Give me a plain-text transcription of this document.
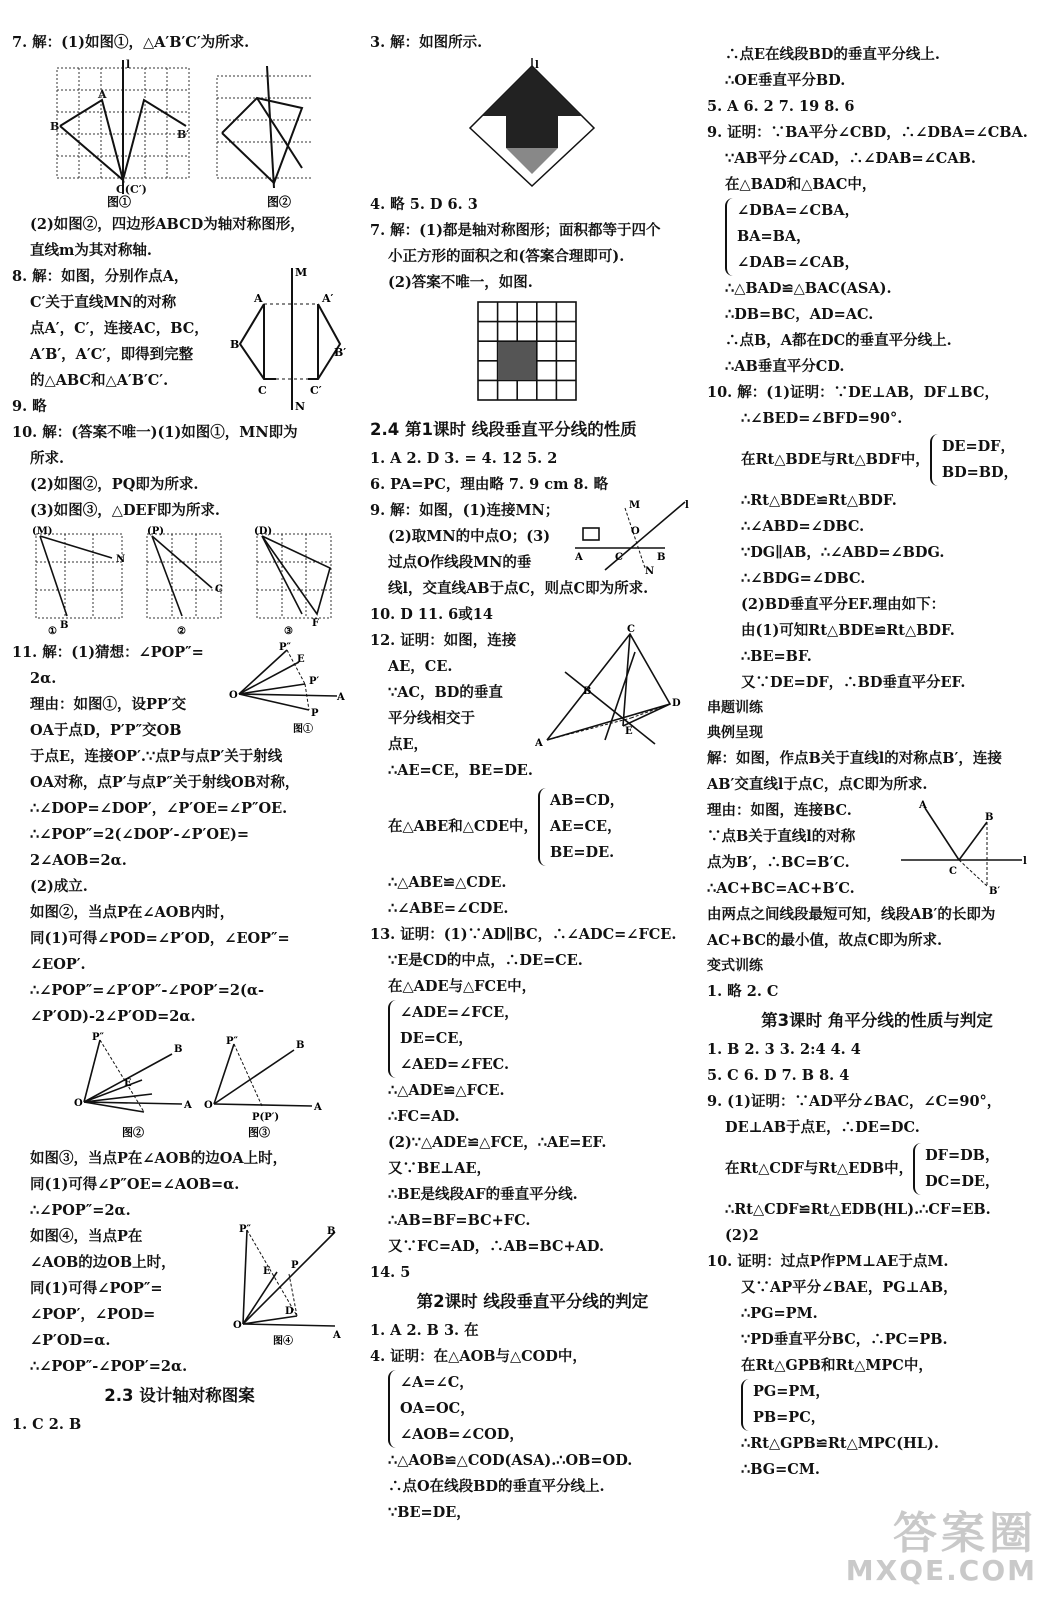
7. 解：(1)如图①，△A′B′C′为所求.
B
A
B′
C(C′)
l
图①	图②
(2)如图②，四边形ABCD为轴对称图形，
直线m为其对称轴.
8. 解：如图，分别作点A，
C′关于直线MN的对称
点A′，C′，连接AC，BC，
A′B′，A′C′，即得到完整
的△ABC和△A′B′C′.
M
N
A	A′
B
B′
C	C′
9. 略
10. 解：(答案不唯一)(1)如图①，MN即为
所求.
(2)如图②，PQ即为所求.
(3)如图③，△DEF即为所求.
(M)
N
B
(P)
C
(D)
F
①	②	③
11. 解：(1)猜想：∠POP″=
2α.
理由：如图①，设PP′交
OA于点D，P′P″交OB
O
P″
E
P′
A
P
图①
于点E，连接OP′.∵点P与点P′关于射线
OA对称，点P′与点P″关于射线OB对称，
∴∠DOP=∠DOP′，∠P′OE=∠P″OE.
∴∠POP″=2(∠DOP′-∠P′OE)=
2∠AOB=2α.
(2)成立.
如图②，当点P在∠AOB内时，
同(1)可得∠POD=∠P′OD，∠EOP″=
∠EOP′.
∴∠POP″=∠P′OP″-∠POP′=2(α-
∠P′OD)-2∠P′OD=2α.
O
P″
B
A
E
O
P″	B
A
P(P′)
图②	图③
如图③，当点P在∠AOB的边OA上时，
同(1)可得∠P″OE=∠AOB=α.
∴∠POP″=2α.
如图④，当点P在
∠AOB的边OB上时，
同(1)可得∠POP″=
∠POP′，∠POD=
∠P′OD=α.
P″
E
P
D
B
O
A
图④
∴∠POP″-∠POP′=2α.
2.3 设计轴对称图案
1. C 2. B
3. 解：如图所示.
l
4. 略 5. D 6. 3
7. 解：(1)都是轴对称图形；面积都等于四个
小正方形的面积之和(答案合理即可).
(2)答案不唯一，如图.
2.4 第1课时 线段垂直平分线的性质
1. A 2. D 3. = 4. 12 5. 2
6. PA=PC，理由略 7. 9 cm 8. 略
9. 解：如图，(1)连接MN；
(2)取MN的中点O；(3)
过点O作线段MN的垂
M
O
N
A	C	B
l
线l，交直线AB于点C，则点C即为所求.
10. D 11. 6或14
12. 证明：如图，连接
AE，CE.
∵AC，BD的垂直
平分线相交于
点E，
C
A
D
E
B
∴AE=CE，BE=DE.
在△ABE和△CDE中，
AB=CD，
AE=CE，
BE=DE.
∴△ABE≌△CDE.
∴∠ABE=∠CDE.
13. 证明：(1)∵AD∥BC，∴∠ADC=∠FCE.
∵E是CD的中点，∴DE=CE.
在△ADE与△FCE中，
∠ADE=∠FCE，
DE=CE，
∠AED=∠FEC.
∴△ADE≌△FCE.
∴FC=AD.
(2)∵△ADE≌△FCE，∴AE=EF.
又∵BE⊥AE，
∴BE是线段AF的垂直平分线.
∴AB=BF=BC+FC.
又∵FC=AD，∴AB=BC+AD.
14. 5
第2课时 线段垂直平分线的判定
1. A 2. B 3. 在
4. 证明：在△AOB与△COD中，
∠A=∠C，
OA=OC，
∠AOB=∠COD，
∴△AOB≌△COD(ASA).∴OB=OD.
∴点O在线段BD的垂直平分线上.
∵BE=DE，
∴点E在线段BD的垂直平分线上.
∴OE垂直平分BD.
5. A 6. 2 7. 19 8. 6
9. 证明：∵BA平分∠CBD，∴∠DBA=∠CBA.
∵AB平分∠CAD，∴∠DAB=∠CAB.
在△BAD和△BAC中，
∠DBA=∠CBA，
BA=BA，
∠DAB=∠CAB，
∴△BAD≌△BAC(ASA).
∴DB=BC，AD=AC.
∴点B，A都在DC的垂直平分线上.
∴AB垂直平分CD.
10. 解：(1)证明：∵DE⊥AB，DF⊥BC，
∴∠BED=∠BFD=90°.
在Rt△BDE与Rt△BDF中，
DE=DF，
BD=BD，
∴Rt△BDE≌Rt△BDF.
∴∠ABD=∠DBC.
∵DG∥AB，∴∠ABD=∠BDG.
∴∠BDG=∠DBC.
(2)BD垂直平分EF.理由如下：
由(1)可知Rt△BDE≌Rt△BDF.
∴BE=BF.
又∵DE=DF，∴BD垂直平分EF.
串题训练
典例呈现
解：如图，作点B关于直线l的对称点B′，连接
AB′交直线l于点C，点C即为所求.
理由：如图，连接BC.
∵点B关于直线l的对称
点为B′，∴BC=B′C.
∴AC+BC=AC+B′C.
A
B
l
C
B′
由两点之间线段最短可知，线段AB′的长即为
AC+BC的最小值，故点C即为所求.
变式训练
1. 略 2. C
第3课时 角平分线的性质与判定
1. B 2. 3 3. 2:4 4. 4
5. C 6. D 7. B 8. 4
9. (1)证明：∵AD平分∠BAC，∠C=90°，
DE⊥AB于点E，∴DE=DC.
在Rt△CDF与Rt△EDB中，
DF=DB，
DC=DE，
∴Rt△CDF≌Rt△EDB(HL).∴CF=EB.
(2)2
10. 证明：过点P作PM⊥AE于点M.
又∵AP平分∠BAE，PG⊥AB，
∴PG=PM.
∵PD垂直平分BC，∴PC=PB.
在Rt△GPB和Rt△MPC中，
PG=PM，
PB=PC，
∴Rt△GPB≌Rt△MPC(HL).
∴BG=CM.
答案圈
MXQE.COM
